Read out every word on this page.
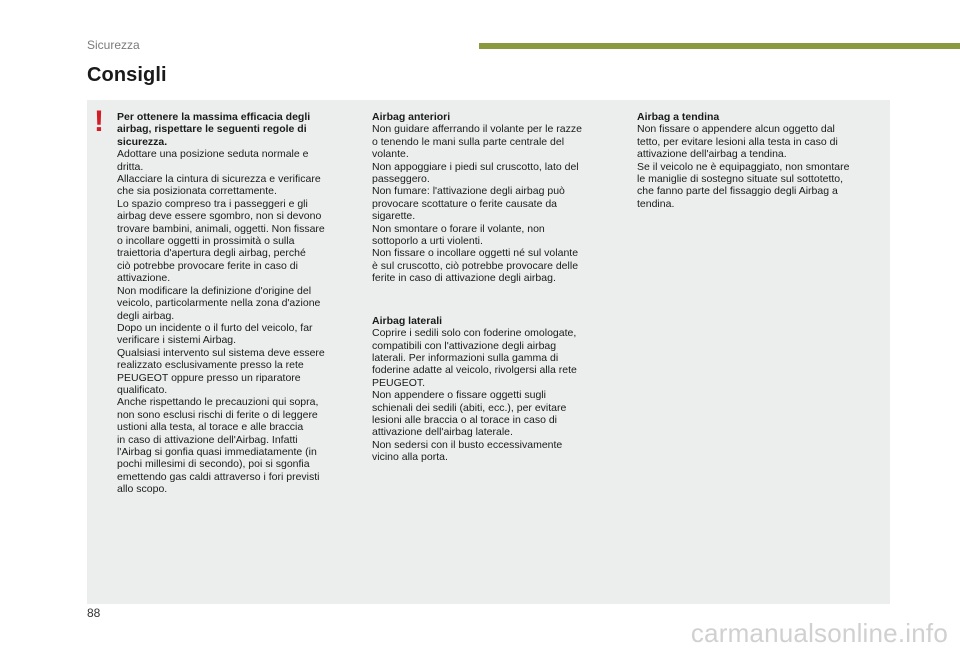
Sicurezza
Consigli
! Per ottenere la massima efficacia degli
airbag, rispettare le seguenti regole di
sicurezza.
Adottare una posizione seduta normale e
dritta.
Allacciare la cintura di sicurezza e verificare
che sia posizionata correttamente.
Lo spazio compreso tra i passeggeri e gli
airbag deve essere sgombro, non si devono
trovare bambini, animali, oggetti. Non fissare
o incollare oggetti in prossimità o sulla
traiettoria d'apertura degli airbag, perché
ciò potrebbe provocare ferite in caso di
attivazione.
Non modificare la definizione d'origine del
veicolo, particolarmente nella zona d'azione
degli airbag.
Dopo un incidente o il furto del veicolo, far
verificare i sistemi Airbag.
Qualsiasi intervento sul sistema deve essere
realizzato esclusivamente presso la rete
PEUGEOT oppure presso un riparatore
qualificato.
Anche rispettando le precauzioni qui sopra,
non sono esclusi rischi di ferite o di leggere
ustioni alla testa, al torace e alle braccia
in caso di attivazione dell'Airbag. Infatti
l'Airbag si gonfia quasi immediatamente (in
pochi millesimi di secondo), poi si sgonfia
emettendo gas caldi attraverso i fori previsti
allo scopo.
Airbag anteriori
Non guidare afferrando il volante per le razze
o tenendo le mani sulla parte centrale del
volante.
Non appoggiare i piedi sul cruscotto, lato del
passeggero.
Non fumare: l'attivazione degli airbag può
provocare scottature o ferite causate da
sigarette.
Non smontare o forare il volante, non
sottoporlo a urti violenti.
Non fissare o incollare oggetti né sul volante
è sul cruscotto, ciò potrebbe provocare delle
ferite in caso di attivazione degli airbag.
Airbag laterali
Coprire i sedili solo con foderine omologate,
compatibili con l'attivazione degli airbag
laterali. Per informazioni sulla gamma di
foderine adatte al veicolo, rivolgersi alla rete
PEUGEOT.
Non appendere o fissare oggetti sugli
schienali dei sedili (abiti, ecc.), per evitare
lesioni alle braccia o al torace in caso di
attivazione dell'airbag laterale.
Non sedersi con il busto eccessivamente
vicino alla porta.
Airbag a tendina
Non fissare o appendere alcun oggetto dal
tetto, per evitare lesioni alla testa in caso di
attivazione dell'airbag a tendina.
Se il veicolo ne è equipaggiato, non smontare
le maniglie di sostegno situate sul sottotetto,
che fanno parte del fissaggio degli Airbag a
tendina.
88
carmanualsonline.info
